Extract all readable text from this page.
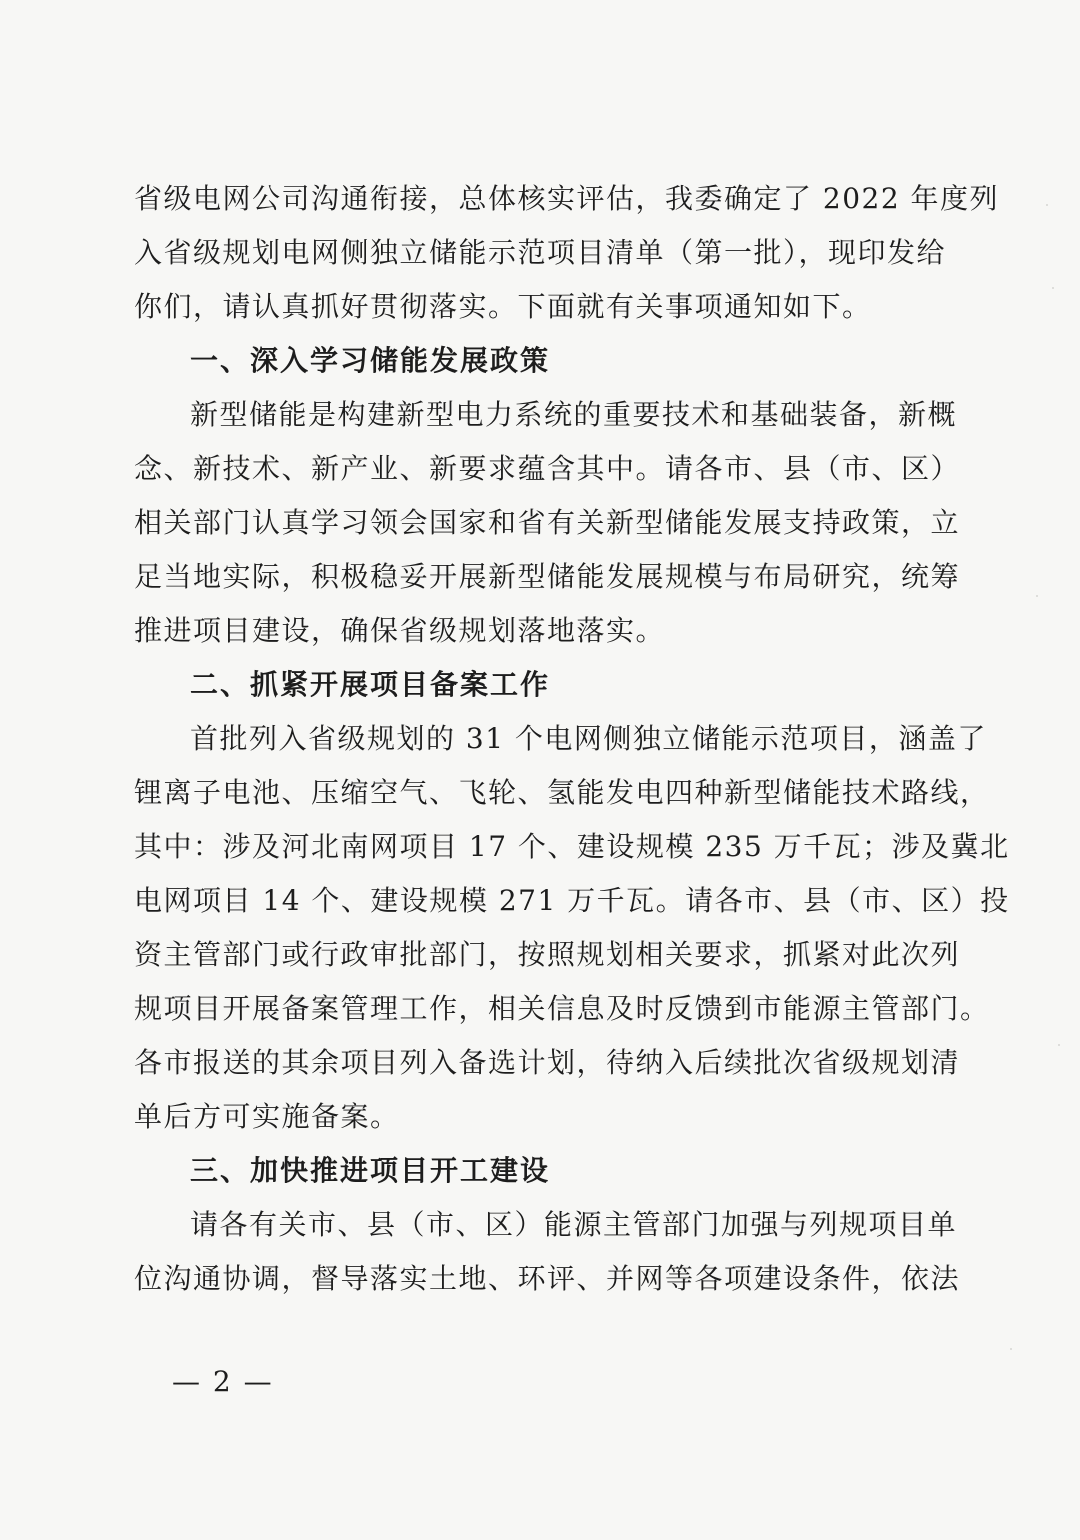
省级电网公司沟通衔接，总体核实评估，我委确定了 2022 年度列
入省级规划电网侧独立储能示范项目清单（第一批），现印发给
你们，请认真抓好贯彻落实。下面就有关事项通知如下。
一、深入学习储能发展政策
新型储能是构建新型电力系统的重要技术和基础装备，新概
念、新技术、新产业、新要求蕴含其中。请各市、县（市、区）
相关部门认真学习领会国家和省有关新型储能发展支持政策，立
足当地实际，积极稳妥开展新型储能发展规模与布局研究，统筹
推进项目建设，确保省级规划落地落实。
二、抓紧开展项目备案工作
首批列入省级规划的 31 个电网侧独立储能示范项目，涵盖了
锂离子电池、压缩空气、飞轮、氢能发电四种新型储能技术路线，
其中：涉及河北南网项目 17 个、建设规模 235 万千瓦；涉及冀北
电网项目 14 个、建设规模 271 万千瓦。请各市、县（市、区）投
资主管部门或行政审批部门，按照规划相关要求，抓紧对此次列
规项目开展备案管理工作，相关信息及时反馈到市能源主管部门。
各市报送的其余项目列入备选计划，待纳入后续批次省级规划清
单后方可实施备案。
三、加快推进项目开工建设
请各有关市、县（市、区）能源主管部门加强与列规项目单
位沟通协调，督导落实土地、环评、并网等各项建设条件，依法
— 2 —
